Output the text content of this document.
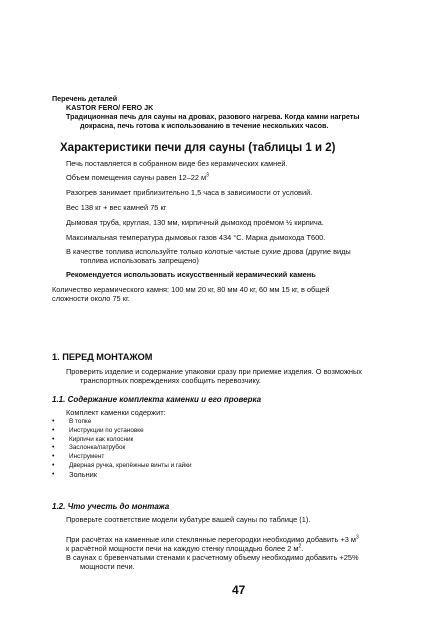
Перечень деталей
KASTOR FERO/ FERO JK
Традиционная печь для сауны на дровах, разового нагрева. Когда камни нагреты
докрасна, печь готова к использованию в течение нескольких часов.
Характеристики печи для сауны (таблицы 1 и 2)
Печь поставляется в собранном виде без керамических камней.
Объем помещения сауны равен 12–22 $м^3$
Разогрев занимает приблизительно 1,5 часа в зависимости от условий.
Вес 138 кг + вес камней 75 кг
Дымовая труба, круглая, 130 мм, кирпичный дымоход проёмом ½ кирпича.
Максимальная температура дымовых газов 434 °C. Марка дымохода T600.
В качестве топлива используйте только колотые чистые сухие дрова (другие виды
топлива использовать запрещено)
Рекомендуется использовать искусственный керамический камень
Количество керамического камня: 100 мм 20 кг, 80 мм 40 кг, 60 мм 15 кг, в общей
сложности около 75 кг.
1. ПЕРЕД МОНТАЖОМ
Проверить изделие и содержание упаковки сразу при приемке изделия. О возможных
транспортных повреждениях сообщить перевозчику.
1.1. Содержание комплекта каменки и его проверка
Комплект каменки содержит:
• В топке
• Инструкции по установке
• Кирпичи как колосник
• Заслонка/патрубок
• Инструмент
• Дверная ручка, крепёжные винты и гайки
• Зольник
1.2. Что учесть до монтажа
Проверьте соответствие модели кубатуре вашей сауны по таблице (1).
При расчётах на каменные или стеклянные перегородки необходимо добавить +3 $м^3$
к расчётной мощности печи на каждую стенку площадью более 2 $м^2$.
В саунах с бревенчатыми стенами к расчетному объему необходимо добавить +25%
мощности печи.
47
